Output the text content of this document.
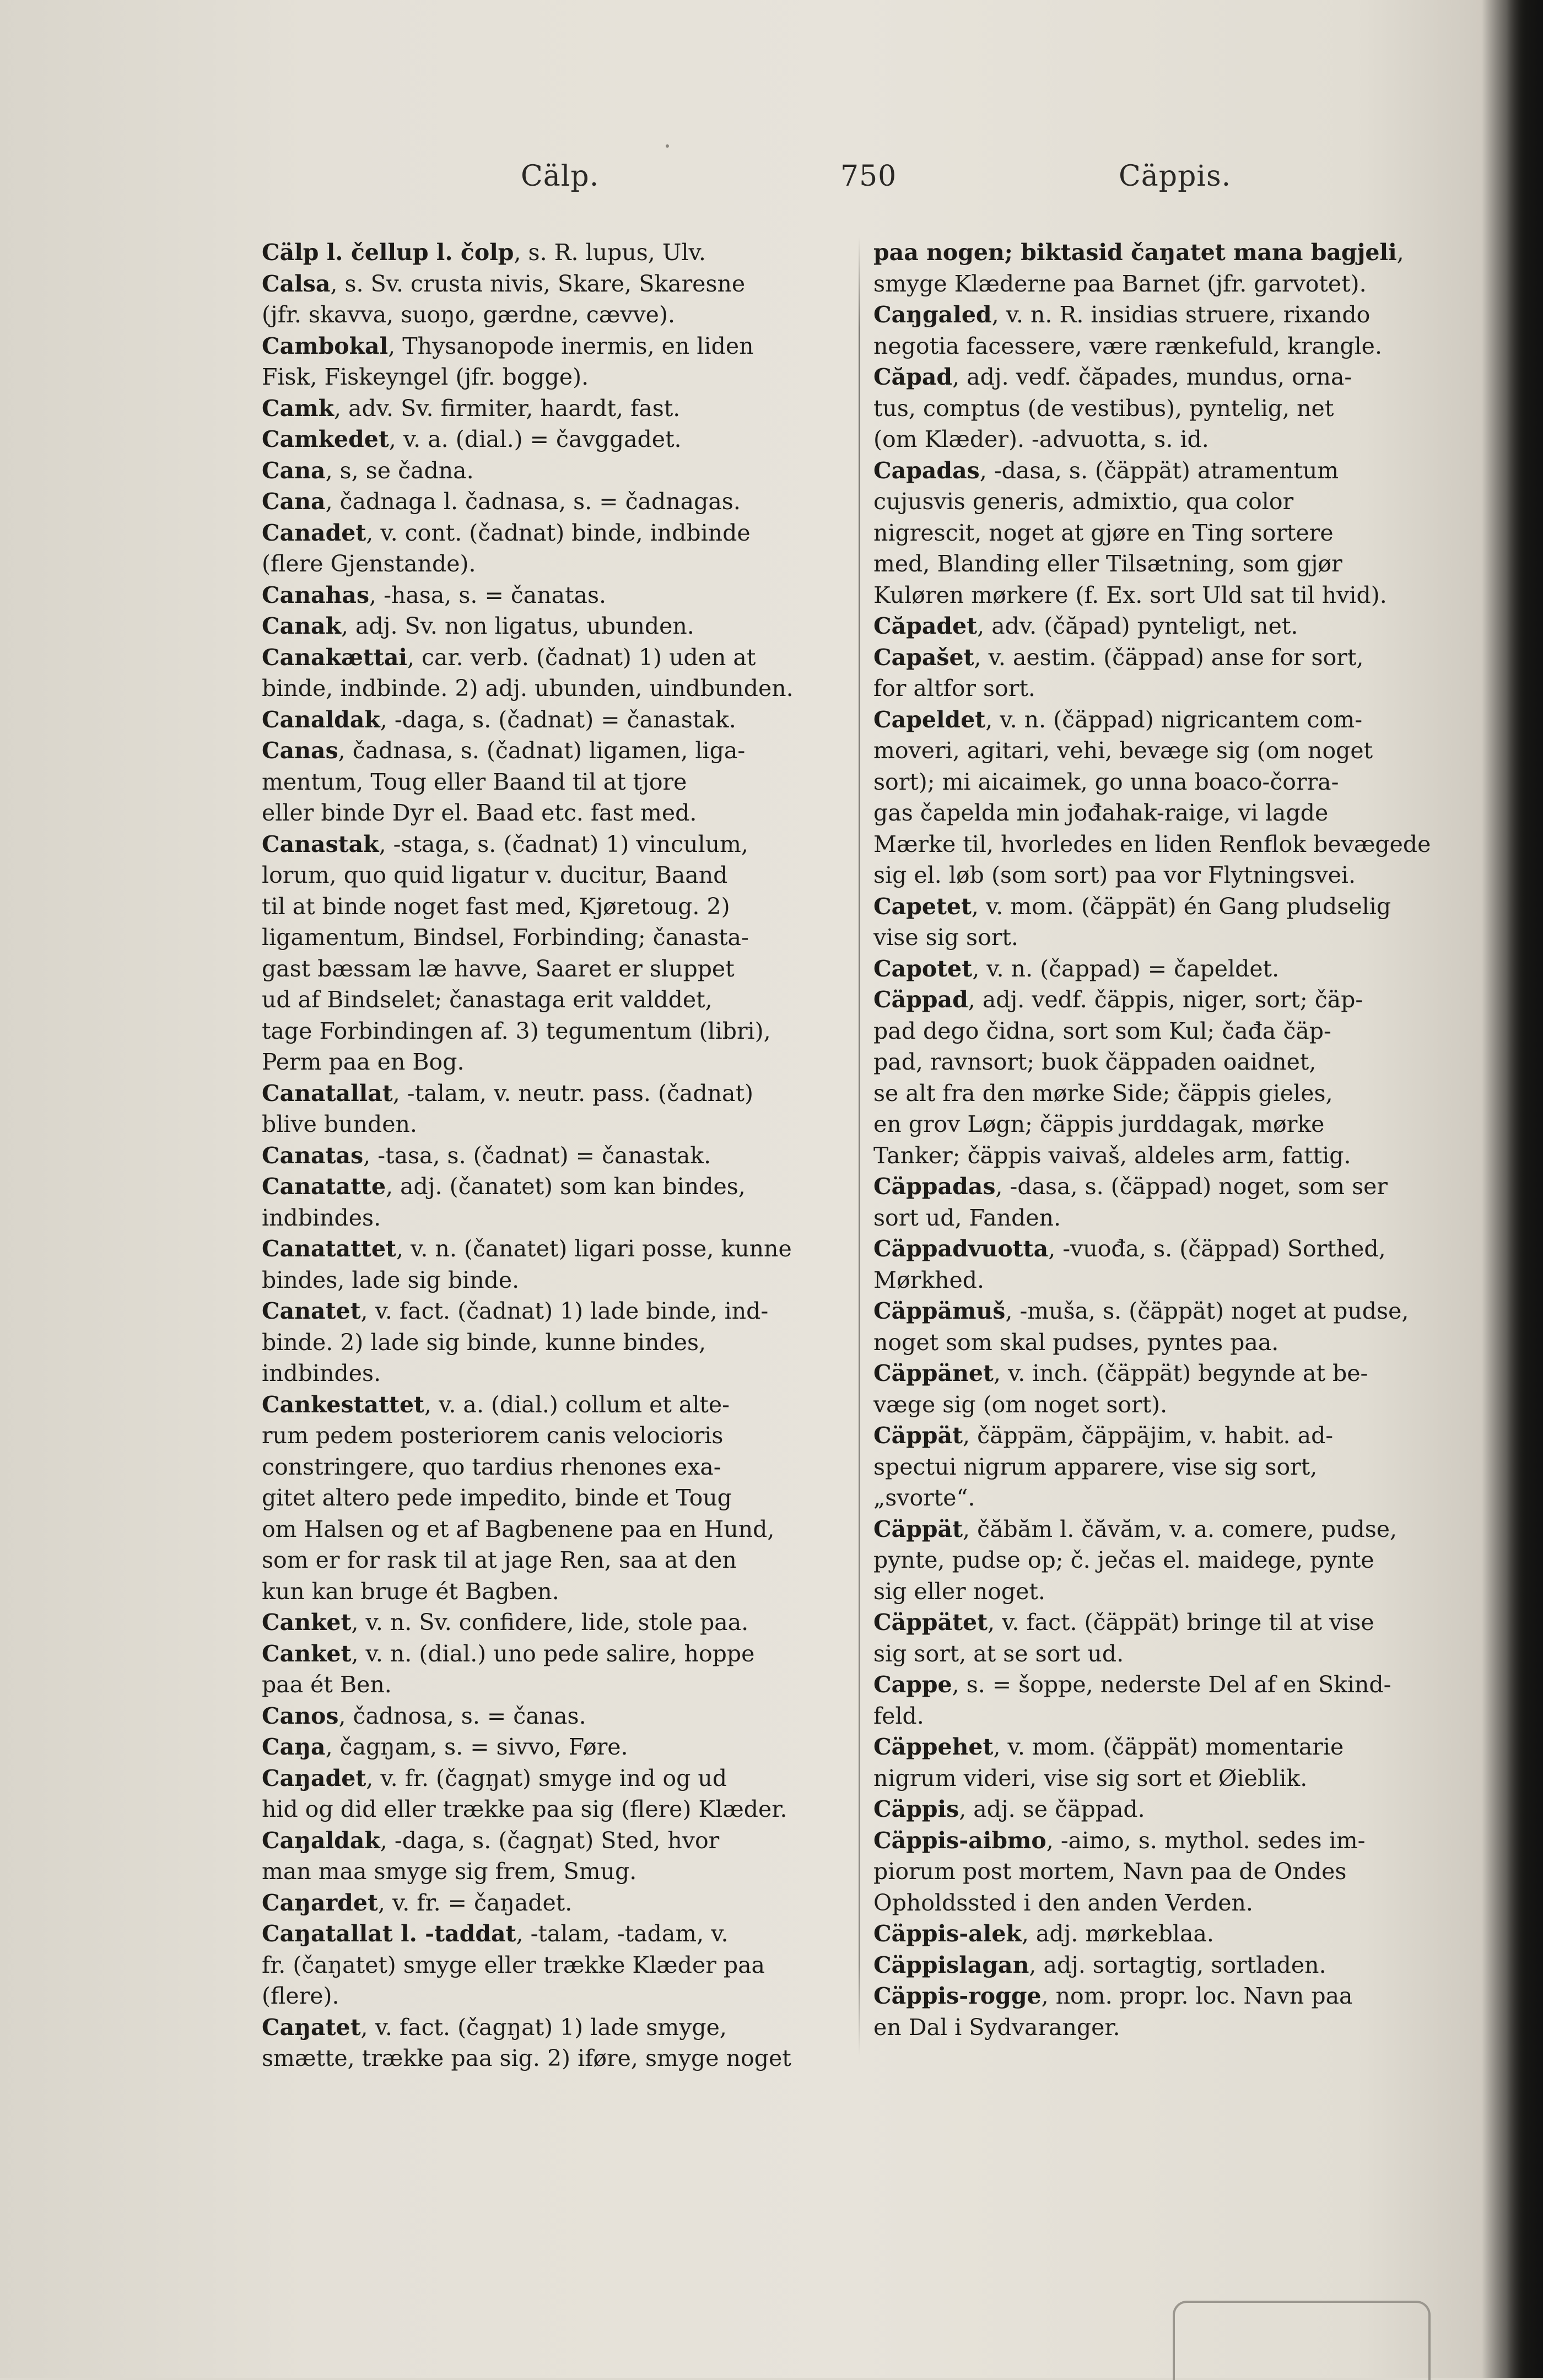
Cälp.	750	Cäppis.
Cälp l. čellup l. čolp, s. R. lupus, Ulv.
Calsa, s. Sv. crusta nivis, Skare, Skaresne
(jfr. skavva, suoŋo, gærdne, cævve).
Cambokal, Thysanopode inermis, en liden
Fisk, Fiskeyngel (jfr. bogge).
Camk, adv. Sv. firmiter, haardt, fast.
Camkedet, v. a. (dial.) = čavggadet.
Cana, s, se čadna.
Cana, čadnaga l. čadnasa, s. = čadnagas.
Canadet, v. cont. (čadnat) binde, indbinde
(flere Gjenstande).
Canahas, -hasa, s. = čanatas.
Canak, adj. Sv. non ligatus, ubunden.
Canakættai, car. verb. (čadnat) 1) uden at
binde, indbinde. 2) adj. ubunden, uindbunden.
Canaldak, -daga, s. (čadnat) = čanastak.
Canas, čadnasa, s. (čadnat) ligamen, liga-
mentum, Toug eller Baand til at tjore
eller binde Dyr el. Baad etc. fast med.
Canastak, -staga, s. (čadnat) 1) vinculum,
lorum, quo quid ligatur v. ducitur, Baand
til at binde noget fast med, Kjøretoug. 2)
ligamentum, Bindsel, Forbinding; čanasta-
gast bæssam læ havve, Saaret er sluppet
ud af Bindselet; čanastaga erit valddet,
tage Forbindingen af. 3) tegumentum (libri),
Perm paa en Bog.
Canatallat, -talam, v. neutr. pass. (čadnat)
blive bunden.
Canatas, -tasa, s. (čadnat) = čanastak.
Canatatte, adj. (čanatet) som kan bindes,
indbindes.
Canatattet, v. n. (čanatet) ligari posse, kunne
bindes, lade sig binde.
Canatet, v. fact. (čadnat) 1) lade binde, ind-
binde. 2) lade sig binde, kunne bindes,
indbindes.
Cankestattet, v. a. (dial.) collum et alte-
rum pedem posteriorem canis velocioris
constringere, quo tardius rhenones exa-
gitet altero pede impedito, binde et Toug
om Halsen og et af Bagbenene paa en Hund,
som er for rask til at jage Ren, saa at den
kun kan bruge ét Bagben.
Canket, v. n. Sv. confidere, lide, stole paa.
Canket, v. n. (dial.) uno pede salire, hoppe
paa ét Ben.
Canos, čadnosa, s. = čanas.
Caŋa, čagŋam, s. = sivvo, Føre.
Caŋadet, v. fr. (čagŋat) smyge ind og ud
hid og did eller trække paa sig (flere) Klæder.
Caŋaldak, -daga, s. (čagŋat) Sted, hvor
man maa smyge sig frem, Smug.
Caŋardet, v. fr. = čaŋadet.
Caŋatallat l. -taddat, -talam, -tadam, v.
fr. (čaŋatet) smyge eller trække Klæder paa
(flere).
Caŋatet, v. fact. (čagŋat) 1) lade smyge,
smætte, trække paa sig. 2) iføre, smyge noget
paa nogen; biktasid čaŋatet mana bagjeli,
smyge Klæderne paa Barnet (jfr. garvotet).
Caŋgaled, v. n. R. insidias struere, rixando
negotia facessere, være rænkefuld, krangle.
Căpad, adj. vedf. čăpades, mundus, orna-
tus, comptus (de vestibus), pyntelig, net
(om Klæder). -advuotta, s. id.
Capadas, -dasa, s. (čäppät) atramentum
cujusvis generis, admixtio, qua color
nigrescit, noget at gjøre en Ting sortere
med, Blanding eller Tilsætning, som gjør
Kuløren mørkere (f. Ex. sort Uld sat til hvid).
Căpadet, adv. (čăpad) pynteligt, net.
Capašet, v. aestim. (čäppad) anse for sort,
for altfor sort.
Capeldet, v. n. (čäppad) nigricantem com-
moveri, agitari, vehi, bevæge sig (om noget
sort); mi aicaimek, go unna boaco-čorra-
gas čapelda min jođahak-raige, vi lagde
Mærke til, hvorledes en liden Renflok bevægede
sig el. løb (som sort) paa vor Flytningsvei.
Capetet, v. mom. (čäppät) én Gang pludselig
vise sig sort.
Capotet, v. n. (čappad) = čapeldet.
Cäppad, adj. vedf. čäppis, niger, sort; čäp-
pad dego čidna, sort som Kul; čađa čäp-
pad, ravnsort; buok čäppaden oaidnet,
se alt fra den mørke Side; čäppis gieles,
en grov Løgn; čäppis jurddagak, mørke
Tanker; čäppis vaivaš, aldeles arm, fattig.
Cäppadas, -dasa, s. (čäppad) noget, som ser
sort ud, Fanden.
Cäppadvuotta, -vuođa, s. (čäppad) Sorthed,
Mørkhed.
Cäppämuš, -muša, s. (čäppät) noget at pudse,
noget som skal pudses, pyntes paa.
Cäppänet, v. inch. (čäppät) begynde at be-
væge sig (om noget sort).
Cäppät, čäppäm, čäppäjim, v. habit. ad-
spectui nigrum apparere, vise sig sort,
„svorte“.
Cäppät, čăbăm l. čăvăm, v. a. comere, pudse,
pynte, pudse op; č. ječas el. maidege, pynte
sig eller noget.
Cäppätet, v. fact. (čäppät) bringe til at vise
sig sort, at se sort ud.
Cappe, s. = šoppe, nederste Del af en Skind-
feld.
Cäppehet, v. mom. (čäppät) momentarie
nigrum videri, vise sig sort et Øieblik.
Cäppis, adj. se čäppad.
Cäppis-aibmo, -aimo, s. mythol. sedes im-
piorum post mortem, Navn paa de Ondes
Opholdssted i den anden Verden.
Cäppis-alek, adj. mørkeblaa.
Cäppislagan, adj. sortagtig, sortladen.
Cäppis-rogge, nom. propr. loc. Navn paa
en Dal i Sydvaranger.
